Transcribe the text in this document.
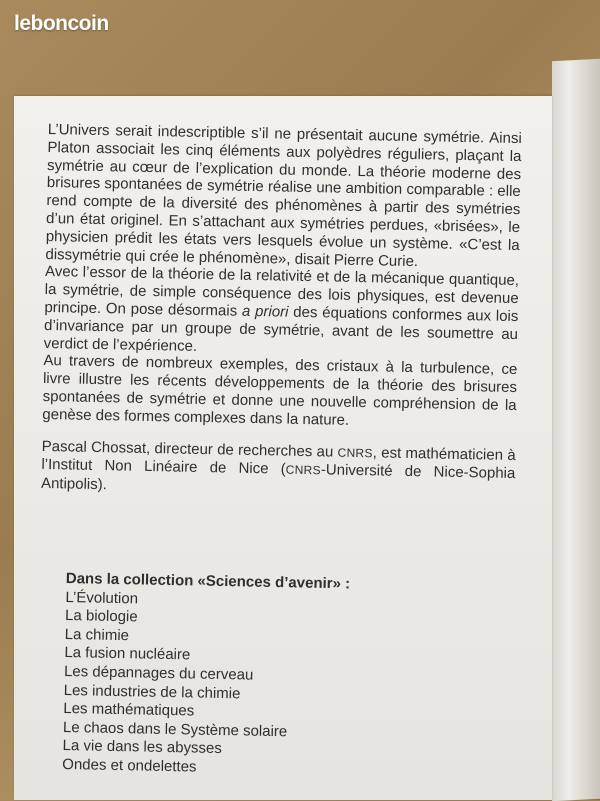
leboncoin

L’Univers serait indescriptible s’il ne présentait aucune symétrie. Ainsi Platon associait les cinq éléments aux polyèdres réguliers, plaçant la symétrie au cœur de l’explication du monde. La théorie moderne des brisures spontanées de symétrie réalise une ambition comparable : elle rend compte de la diversité des phénomènes à partir des symétries d’un état originel. En s’attachant aux symétries perdues, «brisées», le physicien prédit les états vers lesquels évolue un système. «C’est la dissymétrie qui crée le phénomène», disait Pierre Curie.

Avec l’essor de la théorie de la relativité et de la mécanique quantique, la symétrie, de simple conséquence des lois physiques, est devenue principe. On pose désormais a priori des équations conformes aux lois d’invariance par un groupe de symétrie, avant de les soumettre au verdict de l’expérience.

Au travers de nombreux exemples, des cristaux à la turbulence, ce livre illustre les récents développements de la théorie des brisures spontanées de symétrie et donne une nouvelle compréhension de la genèse des formes complexes dans la nature.

Pascal Chossat, directeur de recherches au CNRS, est mathématicien à l’Institut Non Linéaire de Nice (CNRS-Université de Nice-Sophia Antipolis).

Dans la collection «Sciences d’avenir» :

L’Évolution
La biologie
La chimie
La fusion nucléaire
Les dépannages du cerveau
Les industries de la chimie
Les mathématiques
Le chaos dans le Système solaire
La vie dans les abysses
Ondes et ondelettes
